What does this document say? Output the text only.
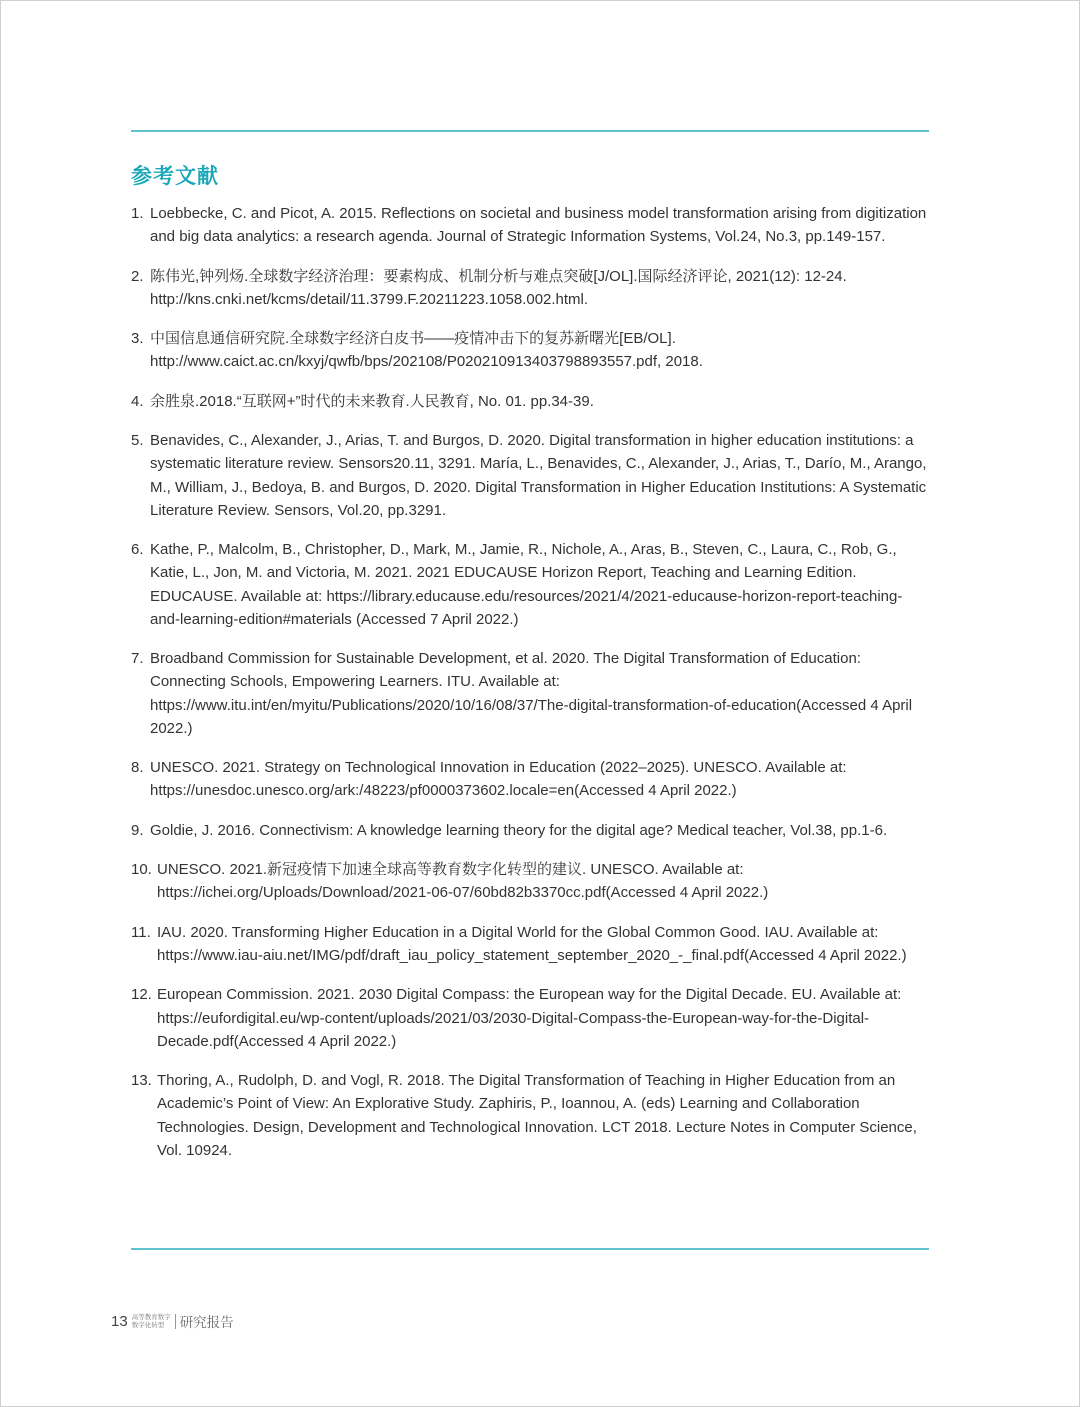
参考文献
1. Loebbecke, C. and Picot, A. 2015. Reflections on societal and business model transformation arising from digitization and big data analytics: a research agenda. Journal of Strategic Information Systems, Vol.24, No.3, pp.149-157.
2. 陈伟光,钟列炀.全球数字经济治理：要素构成、机制分析与难点突破[J/OL].国际经济评论, 2021(12): 12-24. http://kns.cnki.net/kcms/detail/11.3799.F.20211223.1058.002.html.
3. 中国信息通信研究院.全球数字经济白皮书——疫情冲击下的复苏新曙光[EB/OL]. http://www.caict.ac.cn/kxyj/qwfb/bps/202108/P020210913403798893557.pdf, 2018.
4. 余胜泉.2018.“互联网+”时代的未来教育.人民教育, No. 01. pp.34-39.
5. Benavides, C., Alexander, J., Arias, T. and Burgos, D. 2020. Digital transformation in higher education institutions: a systematic literature review. Sensors20.11, 3291. María, L., Benavides, C., Alexander, J., Arias, T., Darío, M., Arango, M., William, J., Bedoya, B. and Burgos, D. 2020. Digital Transformation in Higher Education Institutions: A Systematic Literature Review. Sensors, Vol.20, pp.3291.
6. Kathe, P., Malcolm, B., Christopher, D., Mark, M., Jamie, R., Nichole, A., Aras, B., Steven, C., Laura, C., Rob, G., Katie, L., Jon, M. and Victoria, M. 2021. 2021 EDUCAUSE Horizon Report, Teaching and Learning Edition. EDUCAUSE. Available at: https://library.educause.edu/resources/2021/4/2021-educause-horizon-report-teaching-and-learning-edition#materials (Accessed 7 April 2022.)
7. Broadband Commission for Sustainable Development, et al. 2020. The Digital Transformation of Education: Connecting Schools, Empowering Learners. ITU. Available at: https://www.itu.int/en/myitu/Publications/2020/10/16/08/37/The-digital-transformation-of-education(Accessed 4 April 2022.)
8. UNESCO. 2021. Strategy on Technological Innovation in Education (2022–2025). UNESCO. Available at: https://unesdoc.unesco.org/ark:/48223/pf0000373602.locale=en(Accessed 4 April 2022.)
9. Goldie, J. 2016. Connectivism: A knowledge learning theory for the digital age? Medical teacher, Vol.38, pp.1-6.
10. UNESCO. 2021.新冠疫情下加速全球高等教育数字化转型的建议. UNESCO. Available at: https://ichei.org/Uploads/Download/2021-06-07/60bd82b3370cc.pdf(Accessed 4 April 2022.)
11. IAU. 2020. Transforming Higher Education in a Digital World for the Global Common Good. IAU. Available at: https://www.iau-aiu.net/IMG/pdf/draft_iau_policy_statement_september_2020_-_final.pdf(Accessed 4 April 2022.)
12. European Commission. 2021. 2030 Digital Compass: the European way for the Digital Decade. EU. Available at: https://eufordigital.eu/wp-content/uploads/2021/03/2030-Digital-Compass-the-European-way-for-the-Digital-Decade.pdf(Accessed 4 April 2022.)
13. Thoring, A., Rudolph, D. and Vogl, R. 2018. The Digital Transformation of Teaching in Higher Education from an Academic’s Point of View: An Explorative Study. Zaphiris, P., Ioannou, A. (eds) Learning and Collaboration Technologies. Design, Development and Technological Innovation. LCT 2018. Lecture Notes in Computer Science, Vol. 10924.
13 高等教育数字
数字化转型	研究报告
